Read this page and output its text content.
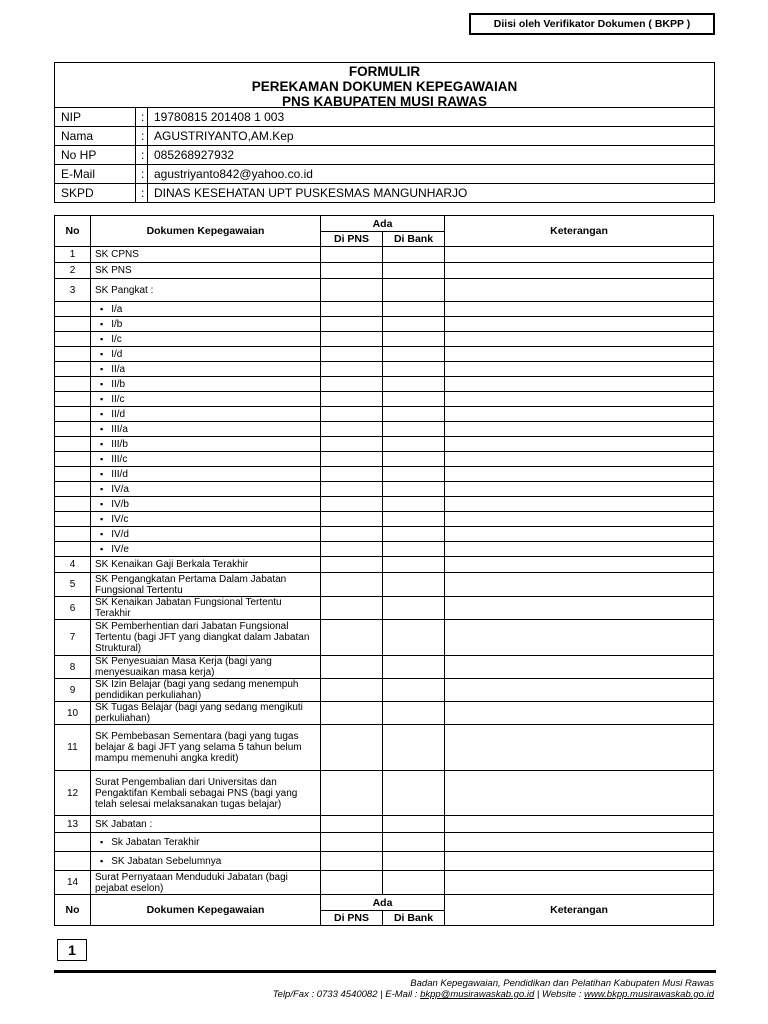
Diisi oleh Verifikator Dokumen ( BKPP )
FORMULIR
PEREKAMAN DOKUMEN KEPEGAWAIAN
PNS KABUPATEN MUSI RAWAS
NIP	:	19780815 201408 1 003
Nama	:	AGUSTRIYANTO,AM.Kep
No HP	:	085268927932
E-Mail	:	agustriyanto842@yahoo.co.id
SKPD	:	DINAS KESEHATAN UPT PUSKESMAS MANGUNHARJO
No	Dokumen Kepegawaian	Ada		Keterangan
		Di PNS	Di Bank	
1	SK CPNS			
2	SK PNS			
3	SK Pangkat :			
	▪ I/a			
	▪ I/b			
	▪ I/c			
	▪ I/d			
	▪ II/a			
	▪ II/b			
	▪ II/c			
	▪ II/d			
	▪ III/a			
	▪ III/b			
	▪ III/c			
	▪ III/d			
	▪ IV/a			
	▪ IV/b			
	▪ IV/c			
	▪ IV/d			
	▪ IV/e			
4	SK Kenaikan Gaji Berkala Terakhir			
5	SK Pengangkatan Pertama Dalam Jabatan Fungsional Tertentu			
6	SK Kenaikan Jabatan Fungsional Tertentu Terakhir			
7	SK Pemberhentian dari Jabatan Fungsional Tertentu (bagi JFT yang diangkat dalam Jabatan Struktural)			
8	SK Penyesuaian Masa Kerja (bagi yang menyesuaikan masa kerja)			
9	SK Izin Belajar (bagi yang sedang menempuh pendidikan perkuliahan)			
10	SK Tugas Belajar (bagi yang sedang mengikuti perkuliahan)			
11	SK Pembebasan Sementara (bagi yang tugas belajar & bagi JFT yang selama 5 tahun belum mampu memenuhi angka kredit)			
12	Surat Pengembalian dari Universitas dan Pengaktifan Kembali sebagai PNS (bagi yang telah selesai melaksanakan tugas belajar)			
13	SK Jabatan :			
	▪ Sk Jabatan Terakhir			
	▪ SK Jabatan Sebelumnya			
14	Surat Pernyataan Menduduki Jabatan (bagi pejabat eselon)			
No	Dokumen Kepegawaian	Ada		Keterangan
		Di PNS	Di Bank	
1
Badan Kepegawaian, Pendidikan dan Pelatihan Kabupaten Musi Rawas
Telp/Fax : 0733 4540082 | E-Mail : bkpp@musirawaskab.go.id | Website : www.bkpp.musirawaskab.go.id
